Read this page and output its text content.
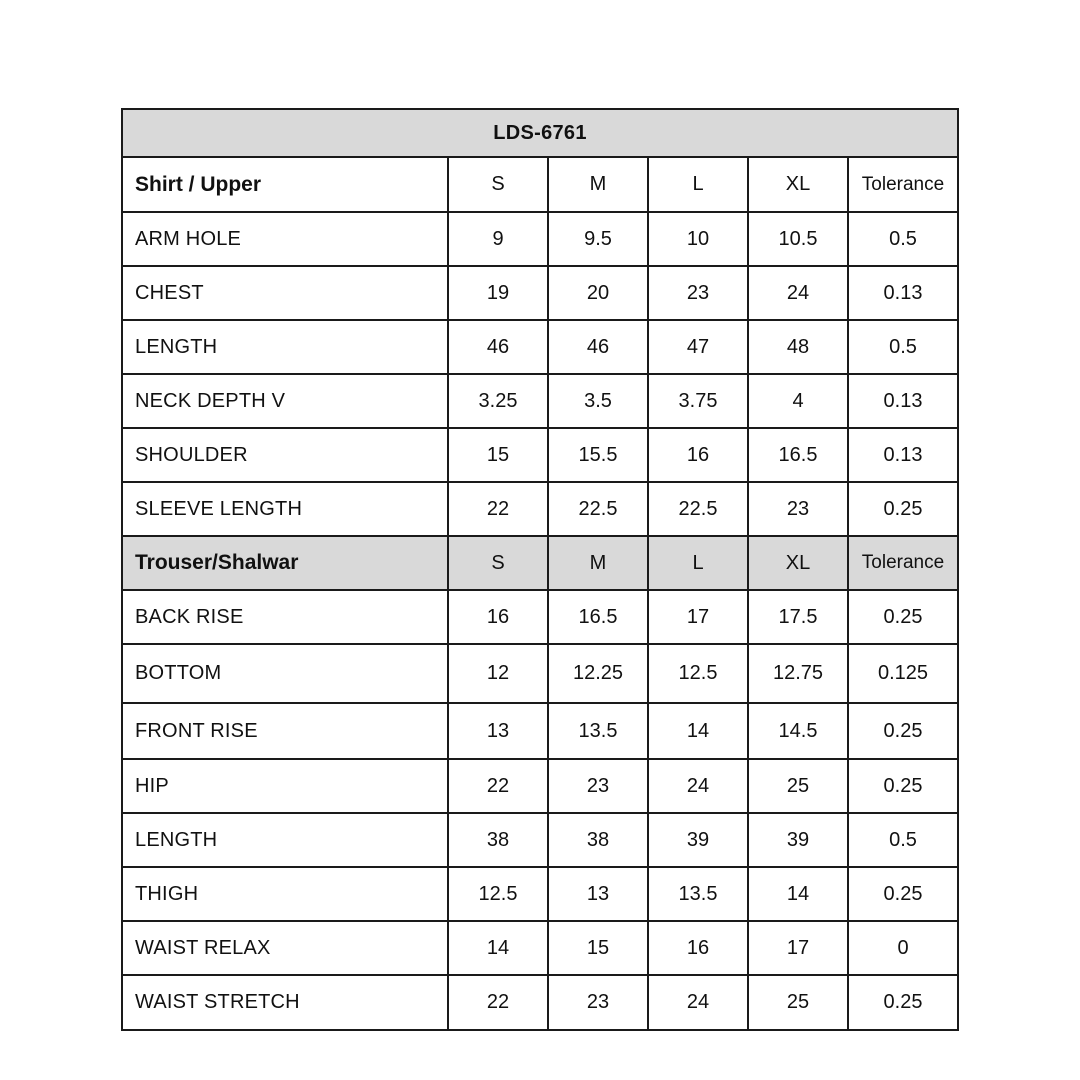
LDS-6761
Shirt / Upper	S	M	L	XL	Tolerance
ARM HOLE	9	9.5	10	10.5	0.5
CHEST	19	20	23	24	0.13
LENGTH	46	46	47	48	0.5
NECK DEPTH V	3.25	3.5	3.75	4	0.13
SHOULDER	15	15.5	16	16.5	0.13
SLEEVE LENGTH	22	22.5	22.5	23	0.25
Trouser/Shalwar	S	M	L	XL	Tolerance
BACK RISE	16	16.5	17	17.5	0.25
BOTTOM	12	12.25	12.5	12.75	0.125
FRONT RISE	13	13.5	14	14.5	0.25
HIP	22	23	24	25	0.25
LENGTH	38	38	39	39	0.5
THIGH	12.5	13	13.5	14	0.25
WAIST RELAX	14	15	16	17	0
WAIST STRETCH	22	23	24	25	0.25
